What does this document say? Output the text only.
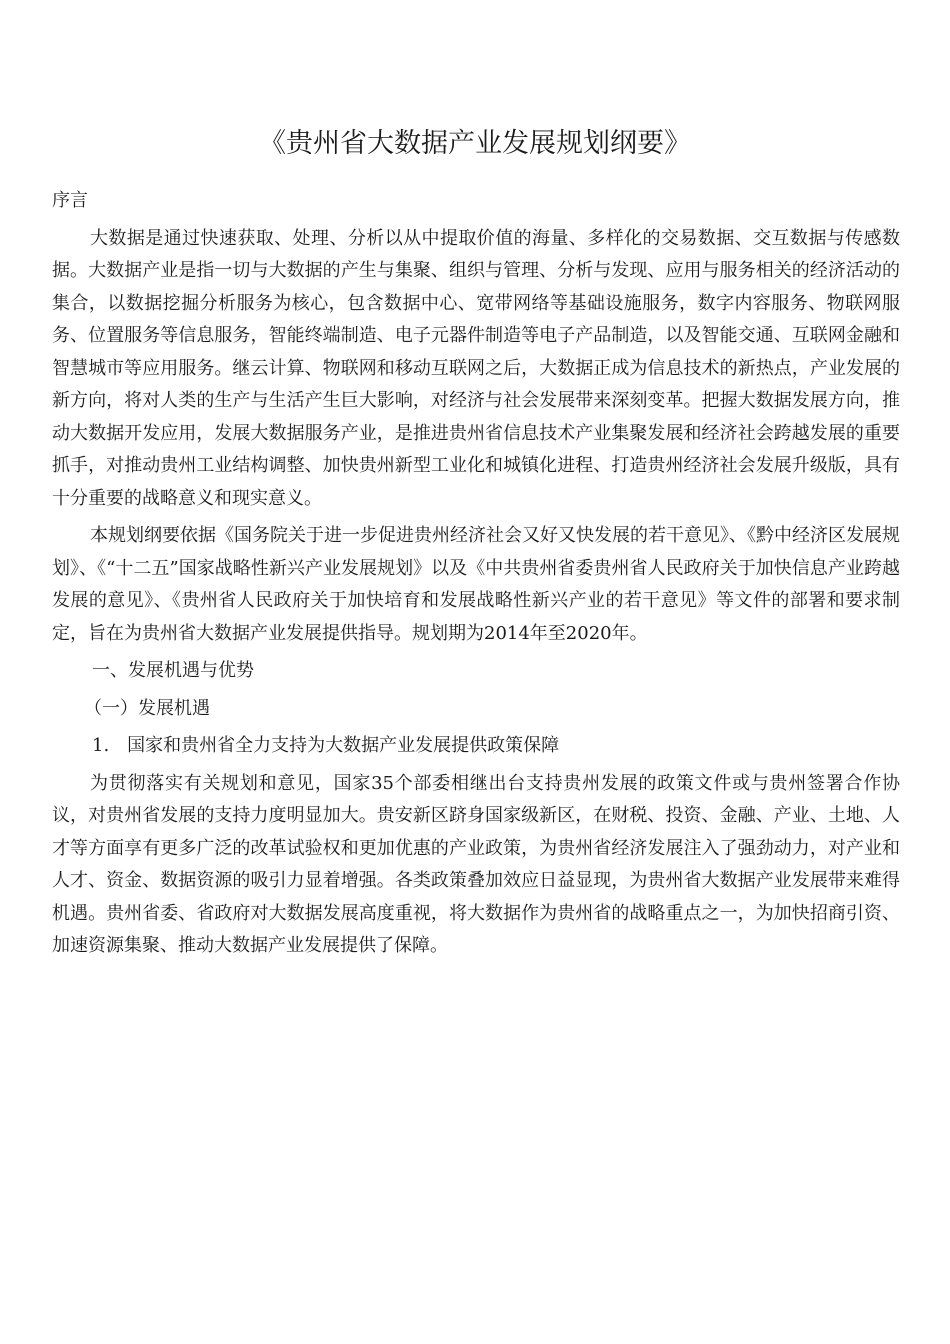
《贵州省大数据产业发展规划纲要》

序言

大数据是通过快速获取、处理、分析以从中提取价值的海量、多样化的交易数据、交互数据与传感数据。大数据产业是指一切与大数据的产生与集聚、组织与管理、分析与发现、应用与服务相关的经济活动的集合，以数据挖掘分析服务为核心，包含数据中心、宽带网络等基础设施服务，数字内容服务、物联网服务、位置服务等信息服务，智能终端制造、电子元器件制造等电子产品制造，以及智能交通、互联网金融和智慧城市等应用服务。继云计算、物联网和移动互联网之后，大数据正成为信息技术的新热点，产业发展的新方向，将对人类的生产与生活产生巨大影响，对经济与社会发展带来深刻变革。把握大数据发展方向，推动大数据开发应用，发展大数据服务产业，是推进贵州省信息技术产业集聚发展和经济社会跨越发展的重要抓手，对推动贵州工业结构调整、加快贵州新型工业化和城镇化进程、打造贵州经济社会发展升级版，具有十分重要的战略意义和现实意义。

本规划纲要依据《国务院关于进一步促进贵州经济社会又好又快发展的若干意见》、《黔中经济区发展规划》、《“十二五”国家战略性新兴产业发展规划》以及《中共贵州省委贵州省人民政府关于加快信息产业跨越发展的意见》、《贵州省人民政府关于加快培育和发展战略性新兴产业的若干意见》等文件的部署和要求制定，旨在为贵州省大数据产业发展提供指导。规划期为2014年至2020年。

一、发展机遇与优势

（一）发展机遇

1.　国家和贵州省全力支持为大数据产业发展提供政策保障

为贯彻落实有关规划和意见，国家35个部委相继出台支持贵州发展的政策文件或与贵州签署合作协议，对贵州省发展的支持力度明显加大。贵安新区跻身国家级新区，在财税、投资、金融、产业、土地、人才等方面享有更多广泛的改革试验权和更加优惠的产业政策，为贵州省经济发展注入了强劲动力，对产业和人才、资金、数据资源的吸引力显着增强。各类政策叠加效应日益显现，为贵州省大数据产业发展带来难得机遇。贵州省委、省政府对大数据发展高度重视，将大数据作为贵州省的战略重点之一，为加快招商引资、加速资源集聚、推动大数据产业发展提供了保障。
